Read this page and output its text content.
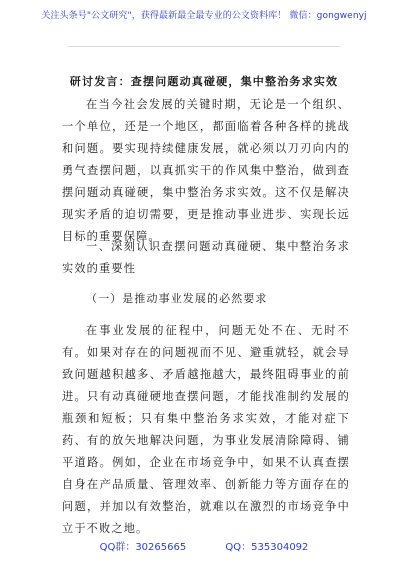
关注头条号"公文研究"，获得最新最全最专业的公文资料库！ 微信：gongwenyj
研讨发言：查摆问题动真碰硬，集中整治务求实效

在当今社会发展的关键时期，无论是一个组织、一个单位，还是一个地区，都面临着各种各样的挑战和问题。要实现持续健康发展，就必须以刀刃向内的勇气查摆问题，以真抓实干的作风集中整治，做到查摆问题动真碰硬，集中整治务求实效。这不仅是解决现实矛盾的迫切需要，更是推动事业进步、实现长远目标的重要保障。

一、深刻认识查摆问题动真碰硬、集中整治务求实效的重要性

（一）是推动事业发展的必然要求

在事业发展的征程中，问题无处不在、无时不有。如果对存在的问题视而不见、避重就轻，就会导致问题越积越多、矛盾越拖越大，最终阻碍事业的前进。只有动真碰硬地查摆问题，才能找准制约发展的瓶颈和短板；只有集中整治务求实效，才能对症下药、有的放矢地解决问题，为事业发展清除障碍、铺平道路。例如，企业在市场竞争中，如果不认真查摆自身在产品质量、管理效率、创新能力等方面存在的问题，并加以有效整治，就难以在激烈的市场竞争中立于不败之地。

QQ群：30265665	QQ：535304092
